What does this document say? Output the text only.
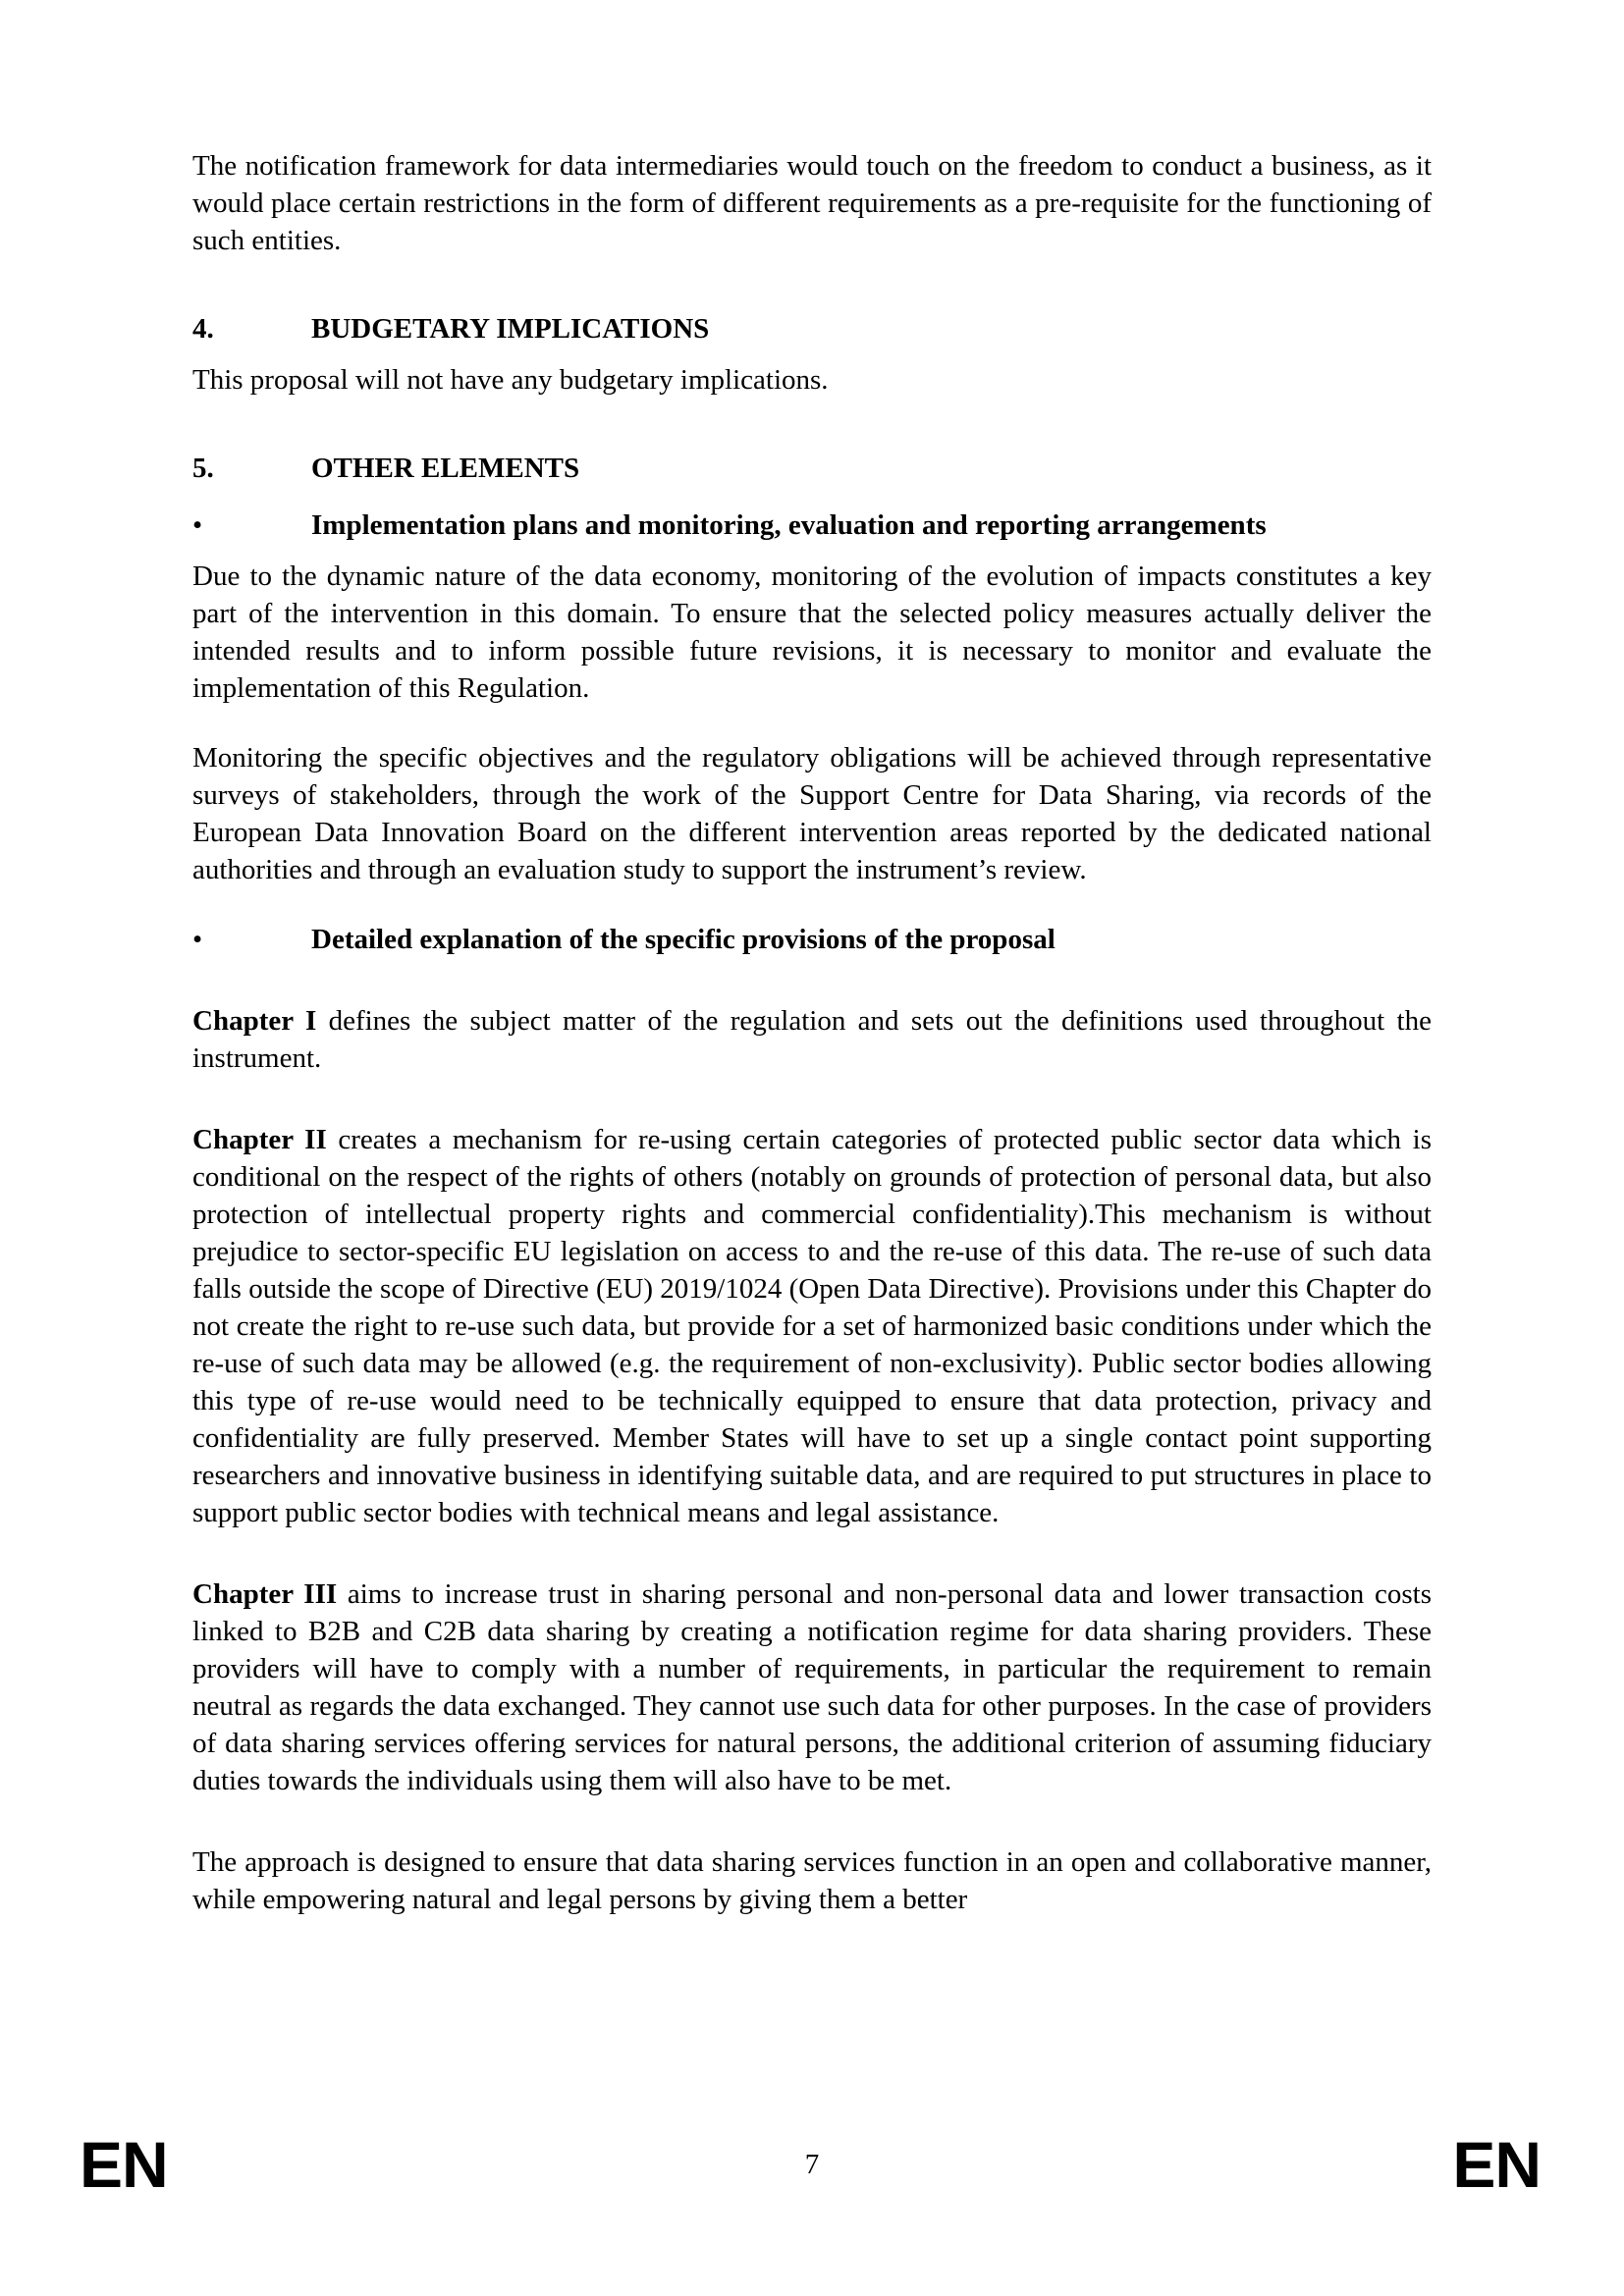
The notification framework for data intermediaries would touch on the freedom to conduct a business, as it would place certain restrictions in the form of different requirements as a pre-requisite for the functioning of such entities.

4.	BUDGETARY IMPLICATIONS

This proposal will not have any budgetary implications.

5.	OTHER ELEMENTS
•	Implementation plans and monitoring, evaluation and reporting arrangements

Due to the dynamic nature of the data economy, monitoring of the evolution of impacts constitutes a key part of the intervention in this domain. To ensure that the selected policy measures actually deliver the intended results and to inform possible future revisions, it is necessary to monitor and evaluate the implementation of this Regulation.

Monitoring the specific objectives and the regulatory obligations will be achieved through representative surveys of stakeholders, through the work of the Support Centre for Data Sharing, via records of the European Data Innovation Board on the different intervention areas reported by the dedicated national authorities and through an evaluation study to support the instrument’s review.

•	Detailed explanation of the specific provisions of the proposal

Chapter I defines the subject matter of the regulation and sets out the definitions used throughout the instrument.

Chapter II creates a mechanism for re-using certain categories of protected public sector data which is conditional on the respect of the rights of others (notably on grounds of protection of personal data, but also protection of intellectual property rights and commercial confidentiality).This mechanism is without prejudice to sector-specific EU legislation on access to and the re-use of this data. The re-use of such data falls outside the scope of Directive (EU) 2019/1024 (Open Data Directive). Provisions under this Chapter do not create the right to re-use such data, but provide for a set of harmonized basic conditions under which the re-use of such data may be allowed (e.g. the requirement of non-exclusivity). Public sector bodies allowing this type of re-use would need to be technically equipped to ensure that data protection, privacy and confidentiality are fully preserved. Member States will have to set up a single contact point supporting researchers and innovative business in identifying suitable data, and are required to put structures in place to support public sector bodies with technical means and legal assistance.

Chapter III aims to increase trust in sharing personal and non-personal data and lower transaction costs linked to B2B and C2B data sharing by creating a notification regime for data sharing providers. These providers will have to comply with a number of requirements, in particular the requirement to remain neutral as regards the data exchanged. They cannot use such data for other purposes. In the case of providers of data sharing services offering services for natural persons, the additional criterion of assuming fiduciary duties towards the individuals using them will also have to be met.

The approach is designed to ensure that data sharing services function in an open and collaborative manner, while empowering natural and legal persons by giving them a better

EN	7	EN
